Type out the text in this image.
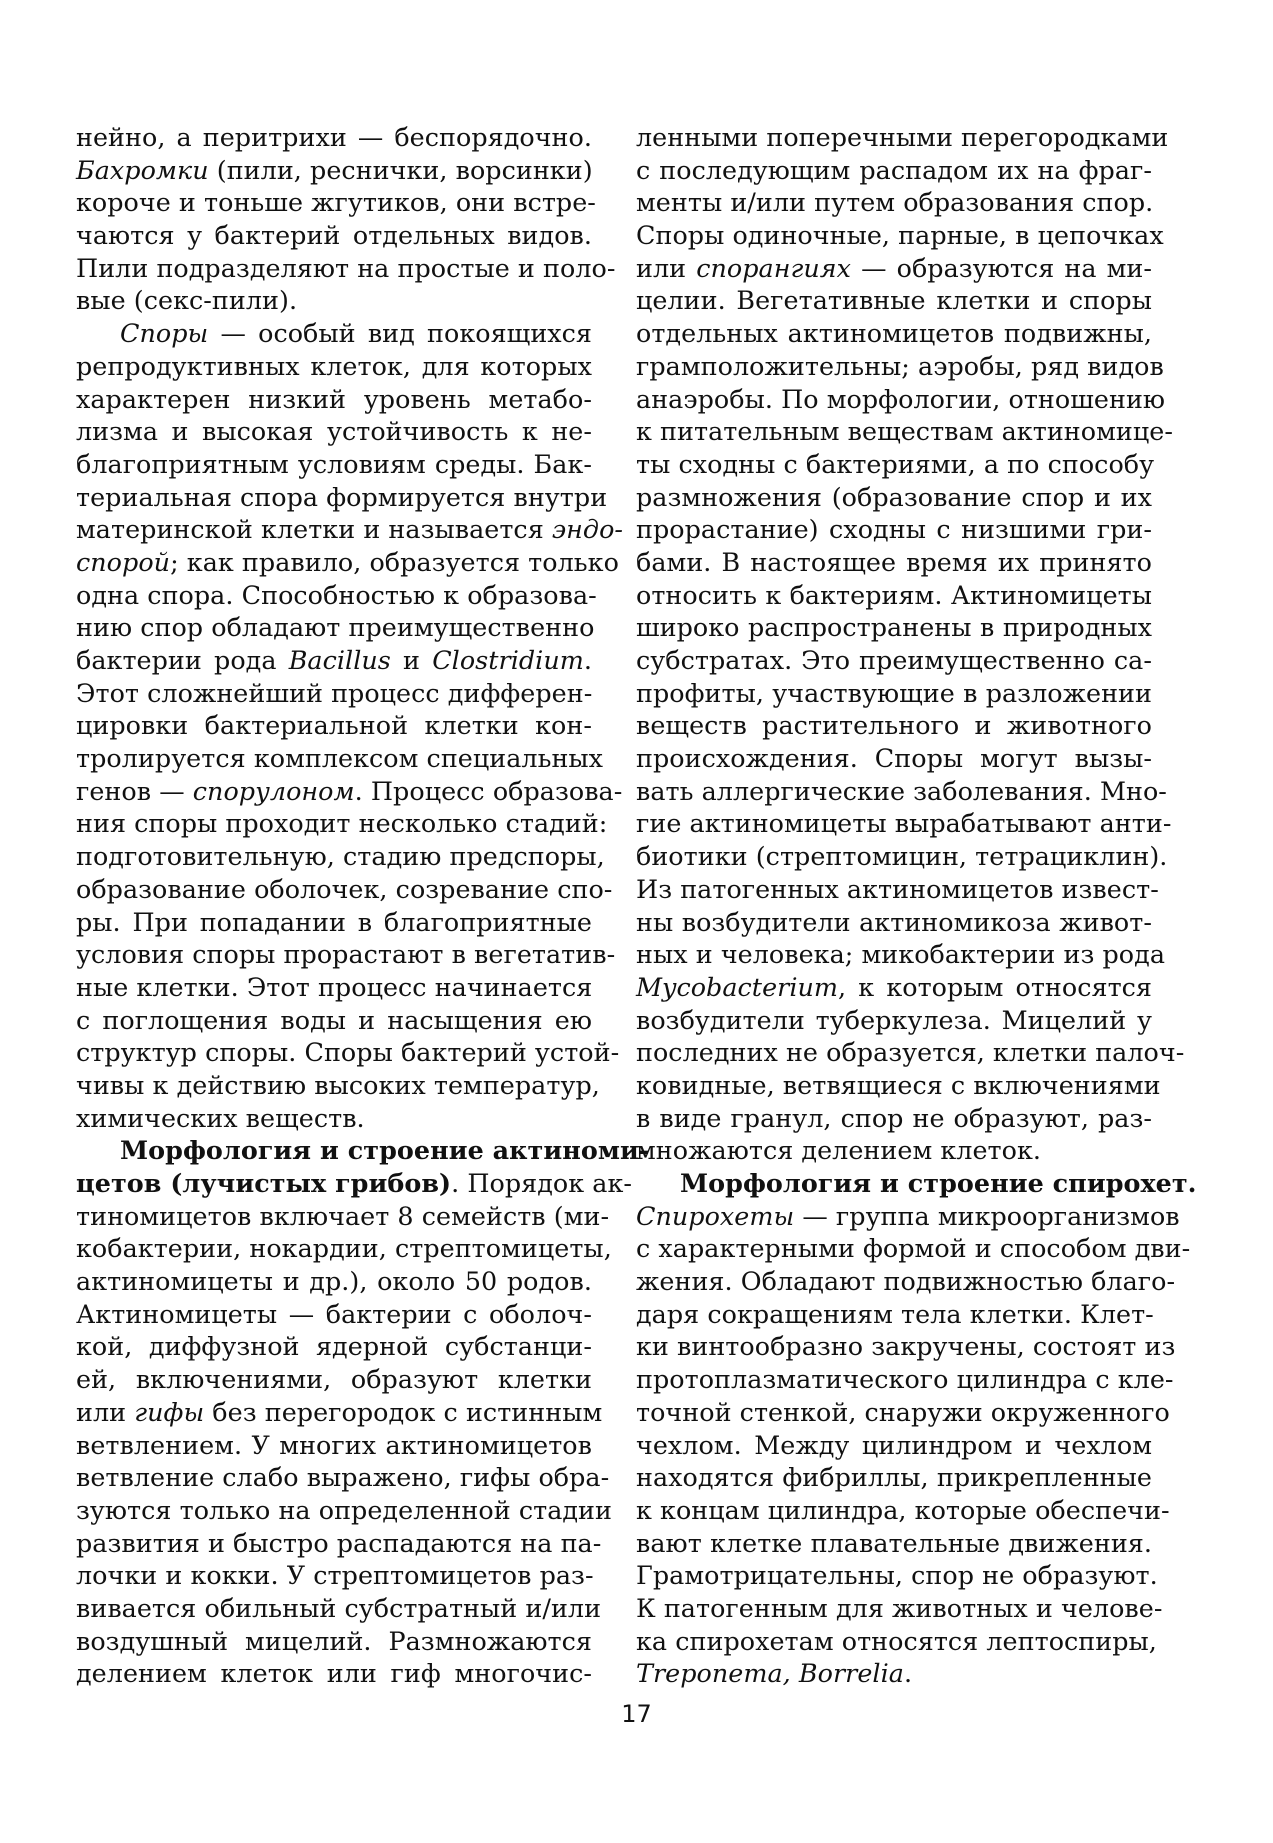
нейно, а перитрихи — беспорядочно.
Бахромки (пили, реснички, ворсинки)
короче и тоньше жгутиков, они встре-
чаются у бактерий отдельных видов.
Пили подразделяют на простые и поло-
вые (секс-пили).
Споры — особый вид покоящихся
репродуктивных клеток, для которых
характерен низкий уровень метабо-
лизма и высокая устойчивость к не-
благоприятным условиям среды. Бак-
териальная спора формируется внутри
материнской клетки и называется эндо-
спорой; как правило, образуется только
одна спора. Способностью к образова-
нию спор обладают преимущественно
бактерии рода Bacillus и Clostridium.
Этот сложнейший процесс дифферен-
цировки бактериальной клетки кон-
тролируется комплексом специальных
генов — спорулоном. Процесс образова-
ния споры проходит несколько стадий:
подготовительную, стадию предспоры,
образование оболочек, созревание спо-
ры. При попадании в благоприятные
условия споры прорастают в вегетатив-
ные клетки. Этот процесс начинается
с поглощения воды и насыщения ею
структур споры. Споры бактерий устой-
чивы к действию высоких температур,
химических веществ.
Морфология и строение актиноми-
цетов (лучистых грибов). Порядок ак-
тиномицетов включает 8 семейств (ми-
кобактерии, нокардии, стрептомицеты,
актиномицеты и др.), около 50 родов.
Актиномицеты — бактерии с оболоч-
кой, диффузной ядерной субстанци-
ей, включениями, образуют клетки
или гифы без перегородок с истинным
ветвлением. У многих актиномицетов
ветвление слабо выражено, гифы обра-
зуются только на определенной стадии
развития и быстро распадаются на па-
лочки и кокки. У стрептомицетов раз-
вивается обильный субстратный и/или
воздушный мицелий. Размножаются
делением клеток или гиф многочис-
ленными поперечными перегородками
с последующим распадом их на фраг-
менты и/или путем образования спор.
Споры одиночные, парные, в цепочках
или спорангиях — образуются на ми-
целии. Вегетативные клетки и споры
отдельных актиномицетов подвижны,
грамположительны; аэробы, ряд видов
анаэробы. По морфологии, отношению
к питательным веществам актиномице-
ты сходны с бактериями, а по способу
размножения (образование спор и их
прорастание) сходны с низшими гри-
бами. В настоящее время их принято
относить к бактериям. Актиномицеты
широко распространены в природных
субстратах. Это преимущественно са-
профиты, участвующие в разложении
веществ растительного и животного
происхождения. Споры могут вызы-
вать аллергические заболевания. Мно-
гие актиномицеты вырабатывают анти-
биотики (стрептомицин, тетрациклин).
Из патогенных актиномицетов извест-
ны возбудители актиномикоза живот-
ных и человека; микобактерии из рода
Mycobacterium, к которым относятся
возбудители туберкулеза. Мицелий у
последних не образуется, клетки палоч-
ковидные, ветвящиеся с включениями
в виде гранул, спор не образуют, раз-
множаются делением клеток.
Морфология и строение спирохет.
Спирохеты — группа микроорганизмов
с характерными формой и способом дви-
жения. Обладают подвижностью благо-
даря сокращениям тела клетки. Клет-
ки винтообразно закручены, состоят из
протоплазматического цилиндра с кле-
точной стенкой, снаружи окруженного
чехлом. Между цилиндром и чехлом
находятся фибриллы, прикрепленные
к концам цилиндра, которые обеспечи-
вают клетке плавательные движения.
Грамотрицательны, спор не образуют.
К патогенным для животных и челове-
ка спирохетам относятся лептоспиры,
Treponema, Borrelia.
17
